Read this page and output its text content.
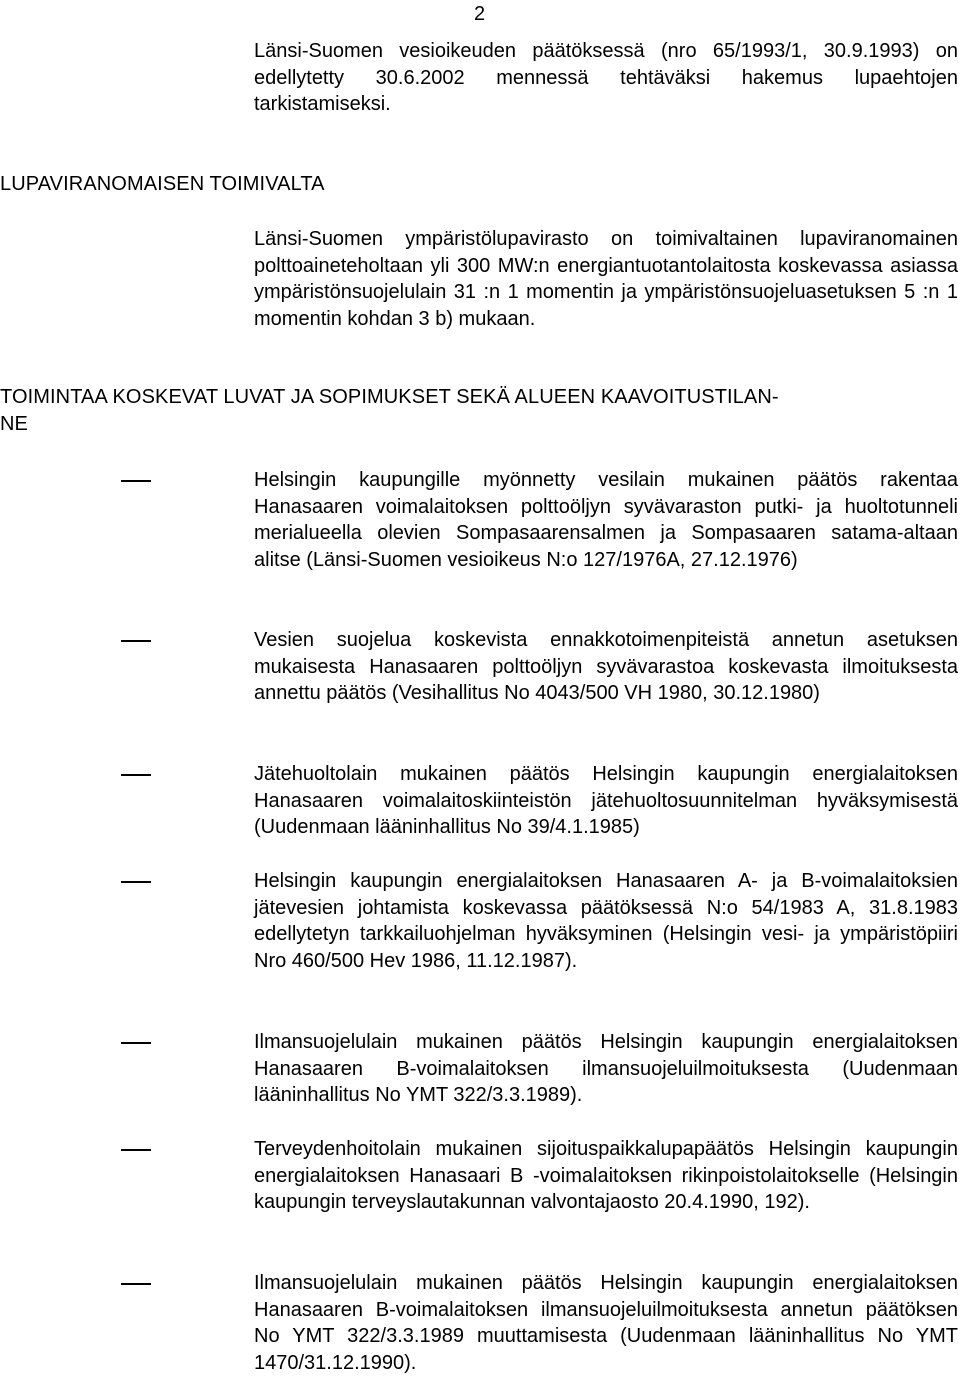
2
Länsi-Suomen vesioikeuden päätöksessä (nro 65/1993/1, 30.9.1993) on edellytetty 30.6.2002 mennessä tehtäväksi hakemus lupaehtojen tarkistamiseksi.
LUPAVIRANOMAISEN TOIMIVALTA
Länsi-Suomen ympäristölupavirasto on toimivaltainen lupaviranomainen polttoaineteholtaan yli 300 MW:n energiantuotantolaitosta koskevassa asiassa ympäristönsuojelulain 31 :n 1 momentin ja ympäristönsuojeluasetuksen 5 :n 1 momentin kohdan 3 b) mukaan.
TOIMINTAA KOSKEVAT LUVAT JA SOPIMUKSET SEKÄ ALUEEN KAAVOITUSTILAN-
NE
Helsingin kaupungille myönnetty vesilain mukainen päätös rakentaa Hanasaaren voimalaitoksen polttoöljyn syvävaraston putki- ja huoltotunneli merialueella olevien Sompasaarensalmen ja Sompasaaren satama-altaan alitse (Länsi-Suomen vesioikeus N:o 127/1976A, 27.12.1976)
Vesien suojelua koskevista ennakkotoimenpiteistä annetun asetuksen mukaisesta Hanasaaren polttoöljyn syvävarastoa koskevasta ilmoituksesta annettu päätös (Vesihallitus No 4043/500 VH 1980, 30.12.1980)
Jätehuoltolain mukainen päätös Helsingin kaupungin energialaitoksen Hanasaaren voimalaitoskiinteistön jätehuoltosuunnitelman hyväksymisestä (Uudenmaan lääninhallitus No 39/4.1.1985)
Helsingin kaupungin energialaitoksen Hanasaaren A- ja B-voimalaitoksien jätevesien johtamista koskevassa päätöksessä N:o 54/1983 A, 31.8.1983 edellytetyn tarkkailuohjelman hyväksyminen (Helsingin vesi- ja ympäristöpiiri Nro 460/500 Hev 1986, 11.12.1987).
Ilmansuojelulain mukainen päätös Helsingin kaupungin energialaitoksen Hanasaaren B-voimalaitoksen ilmansuojeluilmoituksesta (Uudenmaan lääninhallitus No YMT 322/3.3.1989).
Terveydenhoitolain mukainen sijoituspaikkalupapäätös Helsingin kaupungin energialaitoksen Hanasaari B -voimalaitoksen rikinpoistolaitokselle (Helsingin kaupungin terveyslautakunnan valvontajaosto 20.4.1990, 192).
Ilmansuojelulain mukainen päätös Helsingin kaupungin energialaitoksen Hanasaaren B-voimalaitoksen ilmansuojeluilmoituksesta annetun päätöksen No YMT 322/3.3.1989 muuttamisesta (Uudenmaan lääninhallitus No YMT 1470/31.12.1990).
